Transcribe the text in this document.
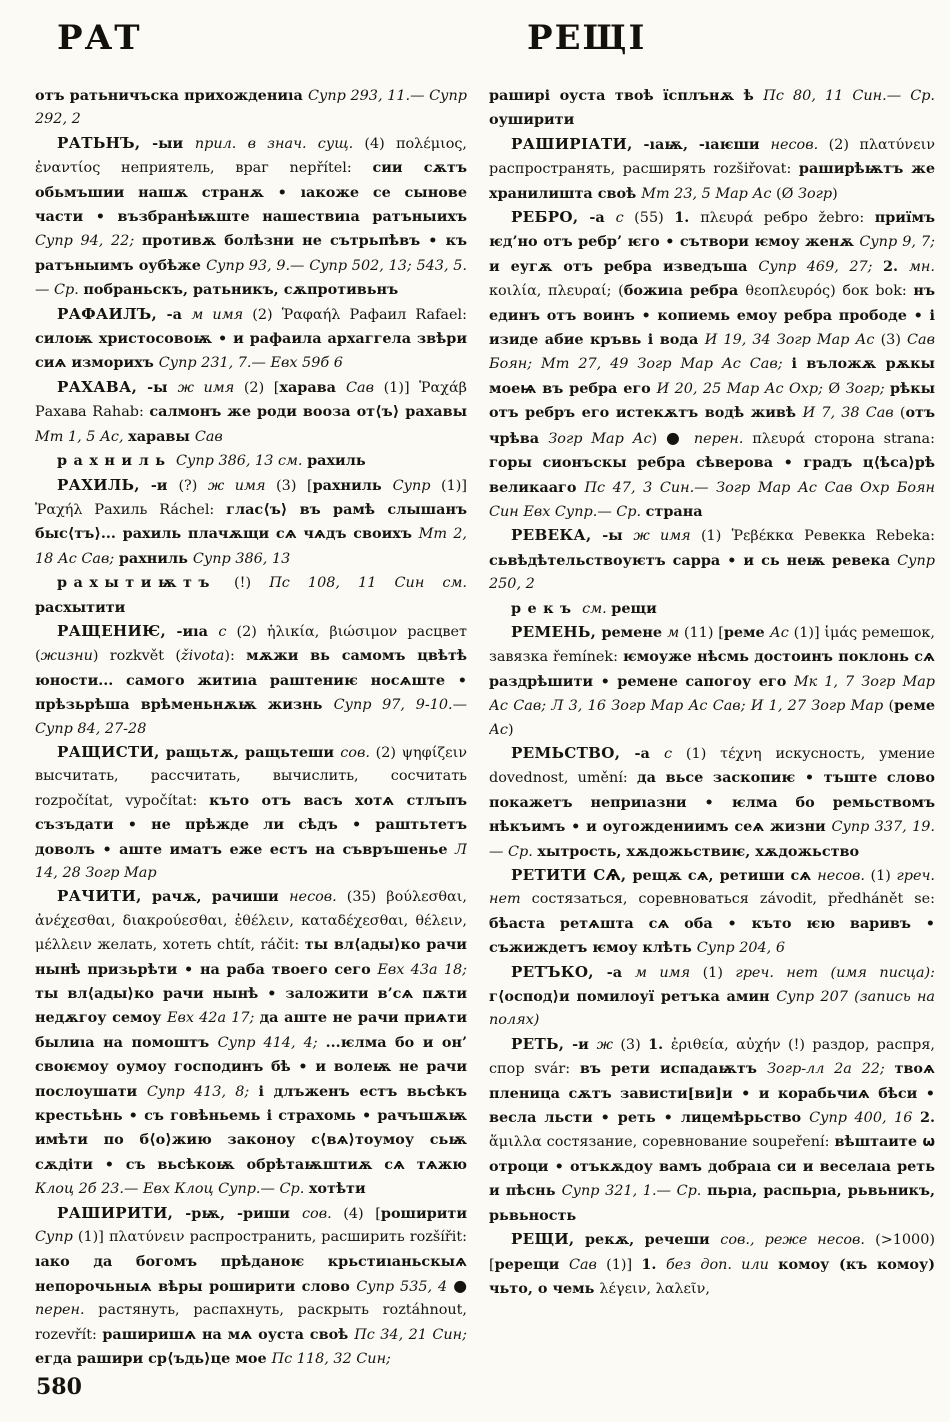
РАТ	РЕЩІ

отъ ратьничъска прихождениıа Супр 293, 11.— Супр 292, 2

РАТЬНЪ, -ыи прил. в знач. сущ. (4) πολέμιος, ἐναντίος неприятель, враг nepřítel: сии сѫтъ обьмъшии нашѫ странѫ • ıакоже се сынове части • възбранѣѭште нашествиıа ратъныихъ Супр 94, 22; противѫ болѣзни не сътрьпѣвъ • къ ратъныимъ оубѣже Супр 93, 9.— Супр 502, 13; 543, 5.— Ср. побраньскъ, ратьникъ, сѫпротивьнъ

РАФАИЛЪ, -а м имя (2) Ῥαφαήλ Рафаил Rafael: силоѭ христосовоѭ • и рафаила архаггела звѣри сиѧ изморихъ Супр 231, 7.— Евх 59б 6

РАХАВА, -ы ж имя (2) [харава Сав (1)] Ῥαχάβ Рахава Rahab: салмонъ же роди вооза от⟨ъ⟩ рахавы Мт 1, 5 Ас, харавы Сав

рахниль Супр 386, 13 см. рахиль

РАХИЛЬ, -и (?) ж имя (3) [рахниль Супр (1)] Ῥαχήλ Рахиль Ráchel: глас⟨ъ⟩ въ рамѣ слышанъ быс⟨тъ⟩... рахиль плачѫщи сѧ чѧдъ своихъ Мт 2, 18 Ас Сав; рахниль Супр 386, 13

рахытиѭтъ (!) Пс 108, 11 Син см. расхытити

РАЩЕНИѤ, -иıа с (2) ἡλικία, βιώσιμον расцвет (жизни) rozkvět (života): мѫжи вь самомъ цвѣтѣ юности... самого житиıа раштениѥ носѧште • прѣзьрѣша врѣменьнѫѭ жизнь Супр 97, 9-10.— Супр 84, 27-28

РАЩИСТИ, ращьтѫ, ращьтеши сов. (2) ψηφίζειν высчитать, рассчитать, вычислить, сосчитать rozpočítat, vypočítat: къто отъ васъ хотѧ стлъпъ съзъдати • не прѣжде ли сѣдъ • раштьтетъ доволъ • аште иматъ еже естъ на съвръшенье Л 14, 28 Зогр Мар

РАЧИТИ, рачѫ, рачиши несов. (35) βούλεσθαι, ἀνέχεσθαι, διακρούεσθαι, ἐθέλειν, καταδέχεσθαι, θέλειν, μέλλειν желать, хотеть chtít, ráčit: ты вл⟨ады⟩ко рачи нынѣ призьрѣти • на раба твоего сего Евх 43а 18; ты вл⟨ады⟩ко рачи нынѣ • заложити в’сѧ пѫти недѫгоу семоу Евх 42а 17; да аште не рачи приѧти былиıа на помоштъ Супр 414, 4; ...ѥлма бо и он’ своѥмоу оумоу господинъ бѣ • и волеѭ не рачи послоушати Супр 413, 8; і длъженъ естъ вьсѣкъ крестьѣнь • съ говѣньемь і страхомь • рачъшѫѭ имѣти по б⟨о⟩жию законоу с⟨вѧ⟩тоумоу сьѭ сѫдіти • съ вьсѣкоѭ обрѣтаѭштиѫ сѧ тѧжю Клоц 2б 23.— Евх Клоц Супр.— Ср. хотѣти

РАШИРИТИ, -рѭ, -риши сов. (4) [роширити Супр (1)] πλατύνειν распространить, расширить rozšířit: ıако да богомъ прѣданоѥ крьстиıаньскыѧ непорочьныѧ вѣры роширити слово Супр 535, 4 ● перен. растянуть, распахнуть, раскрыть roztáhnout, rozevřít: раширишѧ на мѧ оуста своѣ Пс 34, 21 Син; егда рашири ср⟨ъдь⟩це мое Пс 118, 32 Син;

раширі оуста твоѣ їсплънѫ ѣ Пс 80, 11 Син.— Ср. оуширити

РАШИРІАТИ, -ıаѭ, -ıаѥши несов. (2) πλατύνειν распространять, расширять rozšiřovat: раширѣѭтъ же хранилишта своѣ Мт 23, 5 Мар Ас (Ø Зогр)

РЕБРО, -а с (55) 1. πλευρά ребро žebro: приїмъ ѥд’но отъ ребр’ ѥго • сътвори ѥмоу женѫ Супр 9, 7; и еугѫ отъ ребра изведъша Супр 469, 27; 2. мн. κοιλία, πλευραί; (божиıа ребра θεοπλευρός) бок bok: нъ единъ отъ воинъ • копиемь емоу ребра прободе • і изиде абие кръвь і вода И 19, 34 Зогр Мар Ас (3) Сав Боян; Мт 27, 49 Зогр Мар Ас Сав; і въложѫ рѫкы моеѩ въ ребра его И 20, 25 Мар Ас Охр; Ø Зогр; рѣкы отъ ребръ его истекѫтъ водѣ живѣ И 7, 38 Сав (отъ чрѣва Зогр Мар Ас) ● перен. πλευρά сторона strana: горы сионъскы ребра сѣверова • градъ ц⟨ѣса⟩рѣ великааго Пс 47, 3 Син.— Зогр Мар Ас Сав Охр Боян Син Евх Супр.— Ср. страна

РЕВЕКА, -ы ж имя (1) Ῥεβέκκα Ревекка Rebeka: сьвѣдѣтельствоуѥтъ сарра • и сь неѭ ревека Супр 250, 2

рекъ см. рещи

РЕМЕНЬ, ремене м (11) [реме Ас (1)] ἱμάς ремешок, завязка řemínek: ѥмоуже нѣсмь достоинъ поклонь сѧ раздрѣшити • ремене сапогоу его Мк 1, 7 Зогр Мар Ас Сав; Л 3, 16 Зогр Мар Ас Сав; И 1, 27 Зогр Мар (реме Ас)

РЕМЬСТВО, -а с (1) τέχνη искусность, умение dovednost, umění: да вьсе заскопиѥ • тъште слово покажетъ неприıазни • ѥлма бо ремьствомъ нѣкъимъ • и оугождениимъ сеѧ жизни Супр 337, 19.— Ср. хытрость, хѫдожьствиѥ, хѫдожьство

РЕТИТИ СѦ, рещѫ сѧ, ретиши сѧ несов. (1) греч. нет состязаться, соревноваться závodit, předhánět se: бѣаста ретѧшта сѧ оба • къто ѥю варивъ • съжиждетъ ѥмоу клѣть Супр 204, 6

РЕТЪКО, -а м имя (1) греч. нет (имя писца): г⟨оспод⟩и помилоуї ретъка амин Супр 207 (запись на полях)

РЕТЬ, -и ж (3) 1. ἐριθεία, αὐχήν (!) раздор, распря, спор svár: въ рети испадаѭтъ Зогр-лл 2а 22; твоѧ пленица сѫтъ зависти[ви]и • и корабьчиѧ бѣси • весла льсти • реть • лицемѣрьство Супр 400, 16 2. ἅμιλλα состязание, соревнование soupeření: вѣштаите ѡ отроци • отъкѫдоу вамъ добраıа си и веселаıа реть и пѣснь Супр 321, 1.— Ср. пьрıа, распьрıа, рьвьникъ, рьвьность

РЕЩИ, рекѫ, речеши сов., реже несов. (>1000) [ререщи Сав (1)] 1. без доп. или комоу (къ комоу) чьто, о чемь λέγειν, λαλεῖν,

580
